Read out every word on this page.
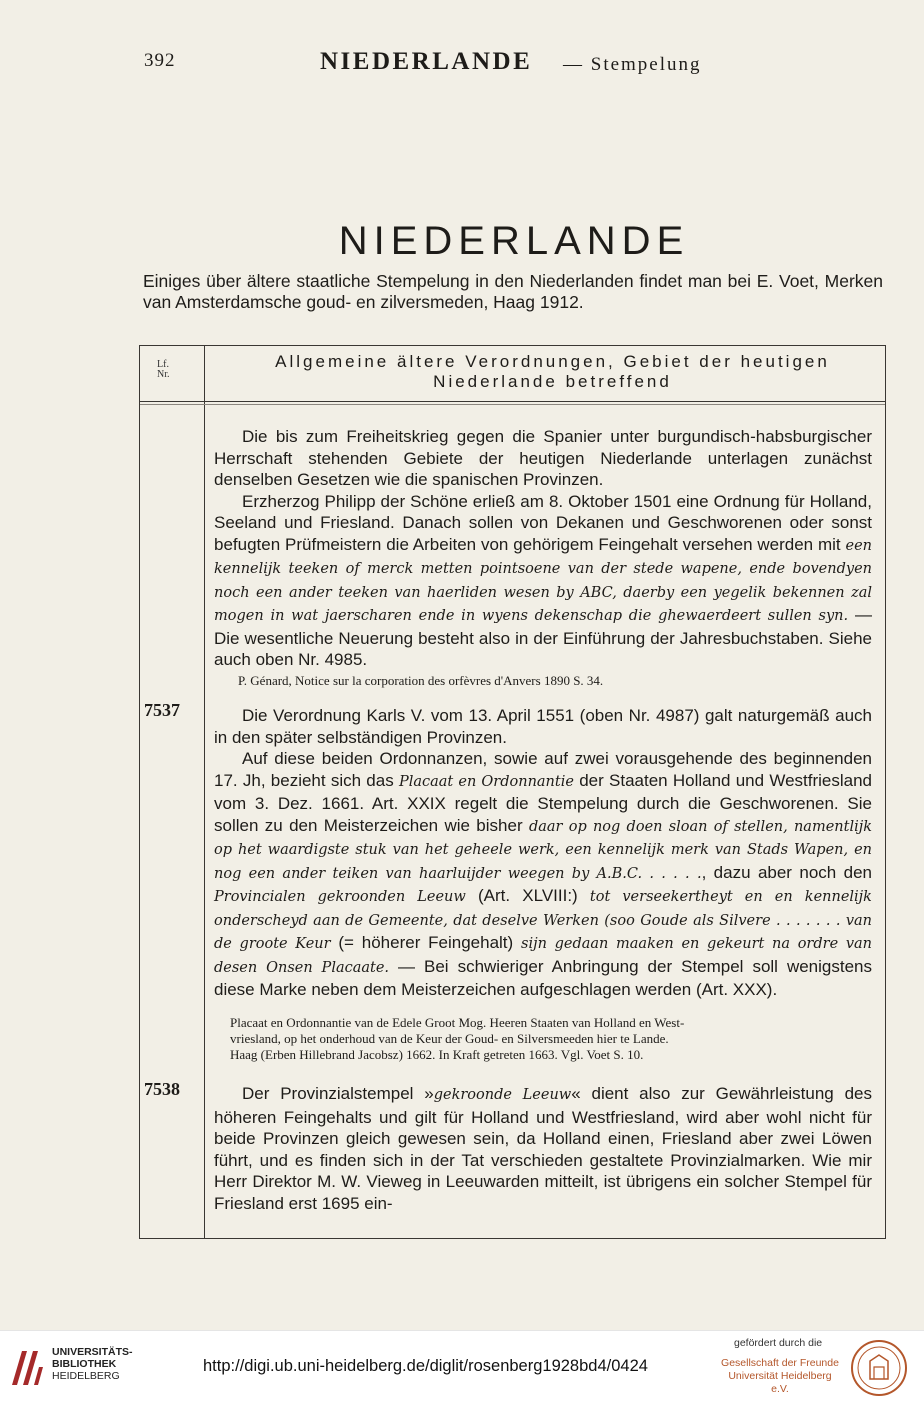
392	NIEDERLANDE — Stempelung
NIEDERLANDE
Einiges über ältere staatliche Stempelung in den Niederlanden findet man bei E. Voet, Merken van Amsterdamsche goud- en zilversmeden, Haag 1912.
Lf.
Nr.
Allgemeine ältere Verordnungen, Gebiet der heutigen
Niederlande betreffend

Die bis zum Freiheitskrieg gegen die Spanier unter burgundisch-habsburgischer Herrschaft stehenden Gebiete der heutigen Niederlande unterlagen zunächst denselben Gesetzen wie die spanischen Provinzen.

Erzherzog Philipp der Schöne erließ am 8. Oktober 1501 eine Ordnung für Holland, Seeland und Friesland. Danach sollen von Dekanen und Geschworenen oder sonst befugten Prüfmeistern die Arbeiten von gehörigem Feingehalt versehen werden mit een kennelijk teeken of merck metten pointsoene van der stede wapene, ende bovendyen noch een ander teeken van haerliden wesen by ABC, daerby een yegelik bekennen zal mogen in wat jaerscharen ende in wyens dekenschap die ghewaerdeert sullen syn. — Die wesentliche Neuerung besteht also in der Einführung der Jahresbuchstaben. Siehe auch oben Nr. 4985.

P. Génard, Notice sur la corporation des orfèvres d'Anvers 1890 S. 34.
7537	Die Verordnung Karls V. vom 13. April 1551 (oben Nr. 4987) galt naturgemäß auch in den später selbständigen Provinzen.

Auf diese beiden Ordonnanzen, sowie auf zwei vorausgehende des beginnenden 17. Jh, bezieht sich das Placaat en Ordonnantie der Staaten Holland und Westfriesland vom 3. Dez. 1661. Art. XXIX regelt die Stempelung durch die Geschworenen. Sie sollen zu den Meisterzeichen wie bisher daar op nog doen sloan of stellen, namentlijk op het waardigste stuk van het geheele werk, een kennelijk merk van Stads Wapen, en nog een ander teiken van haarluijder weegen by A.B.C. . . . . ., dazu aber noch den Provincialen gekroonden Leeuw (Art. XLVIII:) tot verseekertheyt en en kennelijk onderscheyd aan de Gemeente, dat deselve Werken (soo Goude als Silvere . . . . . . . van de groote Keur (= höherer Feingehalt) sijn gedaan maaken en gekeurt na ordre van desen Onsen Placaate. — Bei schwieriger Anbringung der Stempel soll wenigstens diese Marke neben dem Meisterzeichen aufgeschlagen werden (Art. XXX).

Placaat en Ordonnantie van de Edele Groot Mog. Heeren Staaten van Holland en West-
vriesland, op het onderhoud van de Keur der Goud- en Silversmeeden hier te Lande.
Haag (Erben Hillebrand Jacobsz) 1662. In Kraft getreten 1663. Vgl. Voet S. 10.
7538	Der Provinzialstempel »gekroonde Leeuw« dient also zur Gewährleistung des höheren Feingehalts und gilt für Holland und Westfriesland, wird aber wohl nicht für beide Provinzen gleich gewesen sein, da Holland einen, Friesland aber zwei Löwen führt, und es finden sich in der Tat verschieden gestaltete Provinzialmarken. Wie mir Herr Direktor M. W. Vieweg in Leeuwarden mitteilt, ist übrigens ein solcher Stempel für Friesland erst 1695 ein-

UNIVERSITÄTS-
BIBLIOTHEK
HEIDELBERG
http://digi.ub.uni-heidelberg.de/diglit/rosenberg1928bd4/0424
gefördert durch die
Gesellschaft der Freunde
Universität Heidelberg e.V.
